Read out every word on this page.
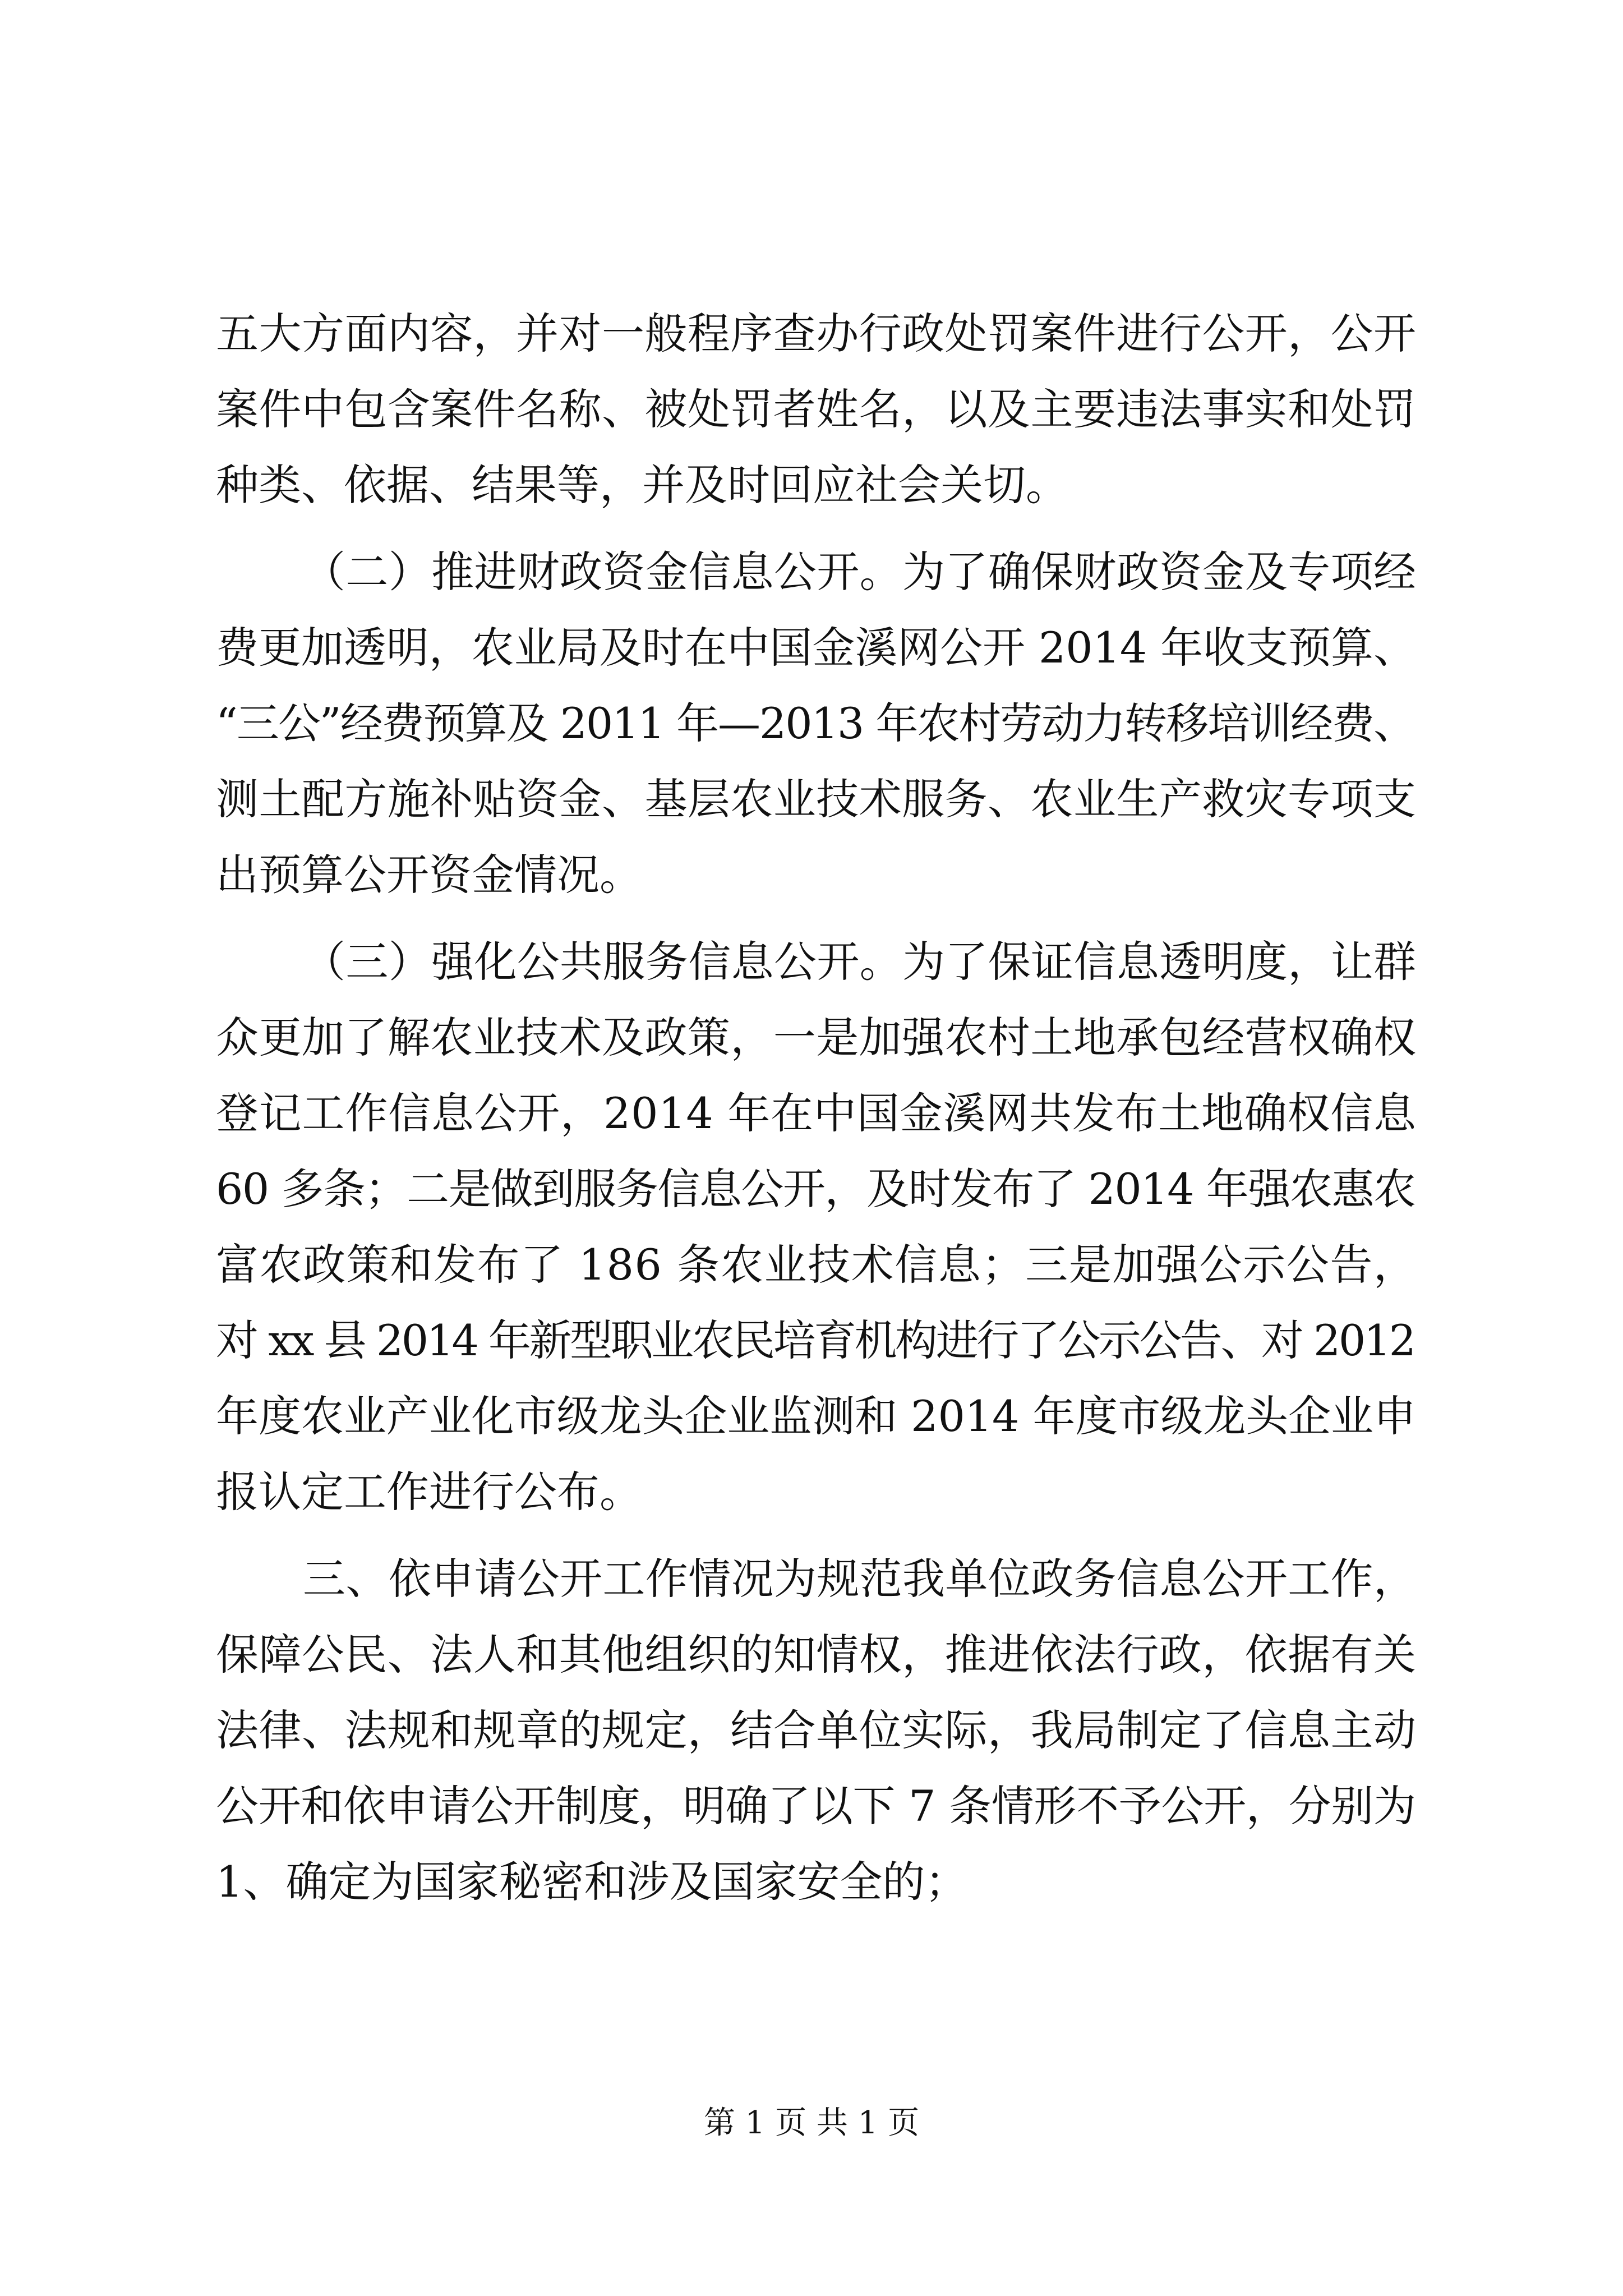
五大方面内容，并对一般程序查办行政处罚案件进行公开，公开
案件中包含案件名称、被处罚者姓名，以及主要违法事实和处罚
种类、依据、结果等，并及时回应社会关切。
（二）推进财政资金信息公开。为了确保财政资金及专项经
费更加透明，农业局及时在中国金溪网公开 2014 年收支预算、
“三公”经费预算及 2011 年—2013 年农村劳动力转移培训经费、
测土配方施补贴资金、基层农业技术服务、农业生产救灾专项支
出预算公开资金情况。
（三）强化公共服务信息公开。为了保证信息透明度，让群
众更加了解农业技术及政策，一是加强农村土地承包经营权确权
登记工作信息公开，2014 年在中国金溪网共发布土地确权信息
60 多条；二是做到服务信息公开，及时发布了 2014 年强农惠农
富农政策和发布了 186 条农业技术信息；三是加强公示公告，
对 xx 县 2014 年新型职业农民培育机构进行了公示公告、对 2012
年度农业产业化市级龙头企业监测和 2014 年度市级龙头企业申
报认定工作进行公布。
三、依申请公开工作情况为规范我单位政务信息公开工作，
保障公民、法人和其他组织的知情权，推进依法行政，依据有关
法律、法规和规章的规定，结合单位实际，我局制定了信息主动
公开和依申请公开制度，明确了以下 7 条情形不予公开，分别为
1、确定为国家秘密和涉及国家安全的；
第 1 页 共 1 页
